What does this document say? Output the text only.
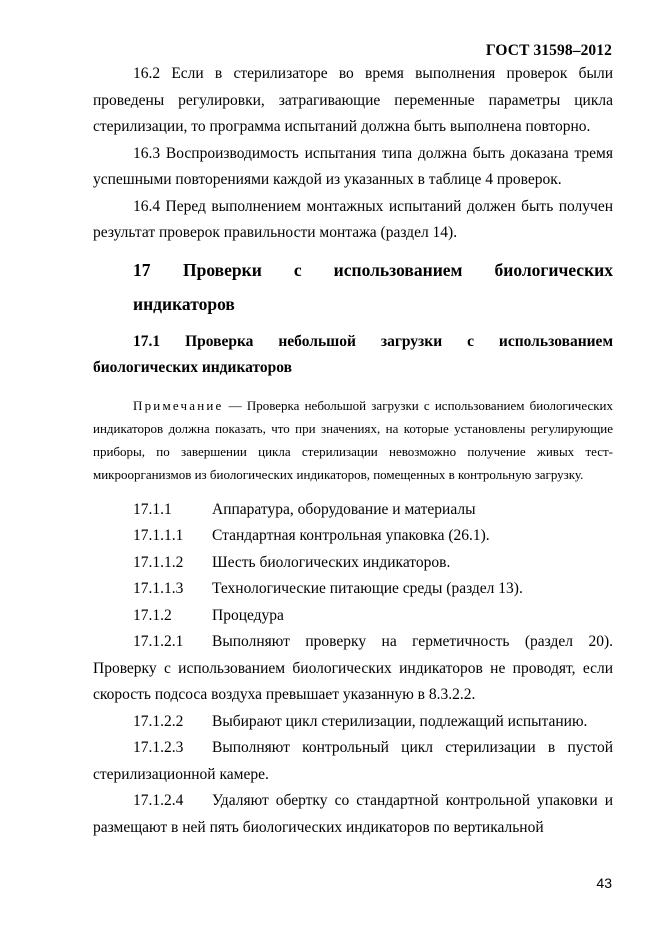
ГОСТ 31598–2012

16.2 Если в стерилизаторе во время выполнения проверок были проведены регулировки, затрагивающие переменные параметры цикла стерилизации, то программа испытаний должна быть выполнена повторно.

16.3 Воспроизводимость испытания типа должна быть доказана тремя успешными повторениями каждой из указанных в таблице 4 проверок.

16.4 Перед выполнением монтажных испытаний должен быть получен результат проверок правильности монтажа (раздел 14).

17	Проверки с использованием биологических
индикаторов

17.1 Проверка небольшой загрузки с использованием биологических индикаторов

Примечание — Проверка небольшой загрузки с использованием биологических индикаторов должна показать, что при значениях, на которые установлены регулирующие приборы, по завершении цикла стерилизации невозможно получение живых тест-микроорганизмов из биологических индикаторов, помещенных в контрольную загрузку.
17.1.1	Аппаратура, оборудование и материалы
17.1.1.1	Стандартная контрольная упаковка (26.1).
17.1.1.2	Шесть биологических индикаторов.
17.1.1.3	Технологические питающие среды (раздел 13).
17.1.2	Процедура

17.1.2.1 Выполняют проверку на герметичность (раздел 20). Проверку с использованием биологических индикаторов не проводят, если скорость подсоса воздуха превышает указанную в 8.3.2.2.

17.1.2.2 Выбирают цикл стерилизации, подлежащий испытанию.

17.1.2.3 Выполняют контрольный цикл стерилизации в пустой стерилизационной камере.

17.1.2.4 Удаляют обертку со стандартной контрольной упаковки и размещают в ней пять биологических индикаторов по вертикальной

43
